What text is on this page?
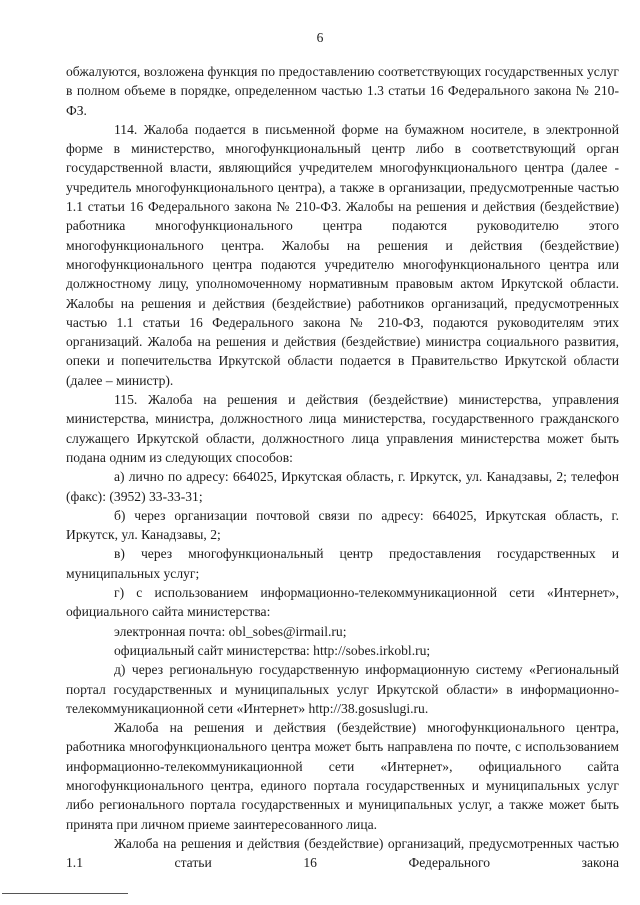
6

обжалуются, возложена функция по предоставлению соответствующих государственных услуг в полном объеме в порядке, определенном частью 1.3 статьи 16 Федерального закона № 210-ФЗ.

114. Жалоба подается в письменной форме на бумажном носителе, в электронной форме в министерство, многофункциональный центр либо в соответствующий орган государственной власти, являющийся учредителем многофункционального центра (далее - учредитель многофункционального центра), а также в организации, предусмотренные частью 1.1 статьи 16 Федерального закона № 210-ФЗ. Жалобы на решения и действия (бездействие) работника многофункционального центра подаются руководителю этого многофункционального центра. Жалобы на решения и действия (бездействие) многофункционального центра подаются учредителю многофункционального центра или должностному лицу, уполномоченному нормативным правовым актом Иркутской области. Жалобы на решения и действия (бездействие) работников организаций, предусмотренных частью 1.1 статьи 16 Федерального закона № 210-ФЗ, подаются руководителям этих организаций. Жалоба на решения и действия (бездействие) министра социального развития, опеки и попечительства Иркутской области подается в Правительство Иркутской области (далее – министр).

115. Жалоба на решения и действия (бездействие) министерства, управления министерства, министра, должностного лица министерства, государственного гражданского служащего Иркутской области, должностного лица управления министерства может быть подана одним из следующих способов:

а) лично по адресу: 664025, Иркутская область, г. Иркутск, ул. Канадзавы, 2; телефон (факс): (3952) 33-33-31;

б) через организации почтовой связи по адресу: 664025, Иркутская область, г. Иркутск, ул. Канадзавы, 2;

в) через многофункциональный центр предоставления государственных и муниципальных услуг;

г) с использованием информационно-телекоммуникационной сети «Интернет», официального сайта министерства:

электронная почта: obl_sobes@irmail.ru;

официальный сайт министерства: http://sobes.irkobl.ru;

д) через региональную государственную информационную систему «Региональный портал государственных и муниципальных услуг Иркутской области» в информационно-телекоммуникационной сети «Интернет» http://38.gosuslugi.ru.

Жалоба на решения и действия (бездействие) многофункционального центра, работника многофункционального центра может быть направлена по почте, с использованием информационно-телекоммуникационной сети «Интернет», официального сайта многофункционального центра, единого портала государственных и муниципальных услуг либо регионального портала государственных и муниципальных услуг, а также может быть принята при личном приеме заинтересованного лица.

Жалоба на решения и действия (бездействие) организаций, предусмотренных частью 1.1 статьи 16 Федерального закона
